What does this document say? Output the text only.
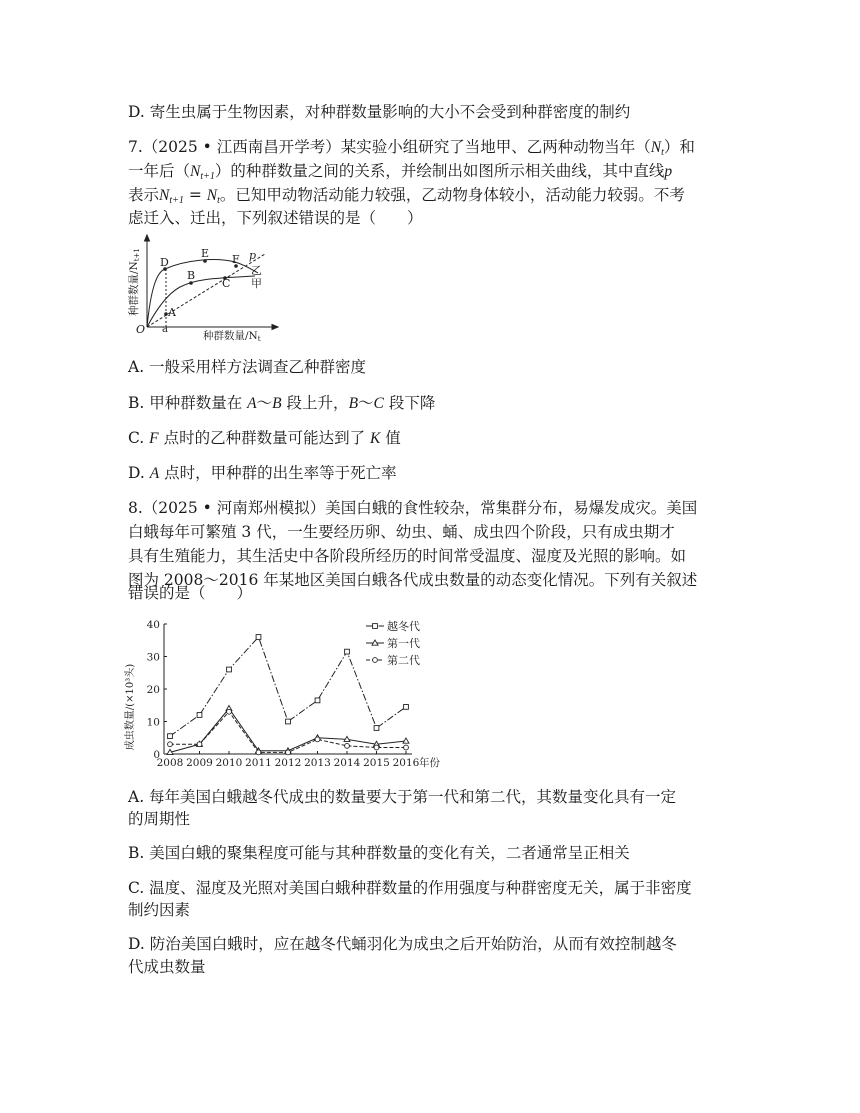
D. 寄生虫属于生物因素，对种群数量影响的大小不会受到种群密度的制约
7.（2025 • 江西南昌开学考）某实验小组研究了当地甲、乙两种动物当年$(N_t)$和
一年后$(N_{t+1})$的种群数量之间的关系，并绘制出如图所示相关曲线，其中直线p
表示$N_{t+1} = N_t$。已知甲动物活动能力较强，乙动物身体较小，活动能力较弱。不考
虑迁入、迁出，下列叙述错误的是（　　）
D
E F
B
C
A
p
乙
甲
O a
种群数量/Nt
种群数量/Nt+1
A. 一般采用样方法调查乙种群密度
B. 甲种群数量在 A～B 段上升，B～C 段下降
C. F 点时的乙种群数量可能达到了 K 值
D. A 点时，甲种群的出生率等于死亡率
8.（2025 • 河南郑州模拟）美国白蛾的食性较杂，常集群分布，易爆发成灾。美国
白蛾每年可繁殖 3 代，一生要经历卵、幼虫、蛹、成虫四个阶段，只有成虫期才
具有生殖能力，其生活史中各阶段所经历的时间常受温度、湿度及光照的影响。如
图为 2008～2016 年某地区美国白蛾各代成虫数量的动态变化情况。下列有关叙述
错误的是（　　）
0
10
20
30
40
2008 2009 2010 2011 2012 2013 2014 2015 2016 年份
越冬代
第一代
第二代
成虫数量/(×10³头)
A. 每年美国白蛾越冬代成虫的数量要大于第一代和第二代，其数量变化具有一定
的周期性
B. 美国白蛾的聚集程度可能与其种群数量的变化有关，二者通常呈正相关
C. 温度、湿度及光照对美国白蛾种群数量的作用强度与种群密度无关，属于非密度
制约因素
D. 防治美国白蛾时，应在越冬代蛹羽化为成虫之后开始防治，从而有效控制越冬
代成虫数量
